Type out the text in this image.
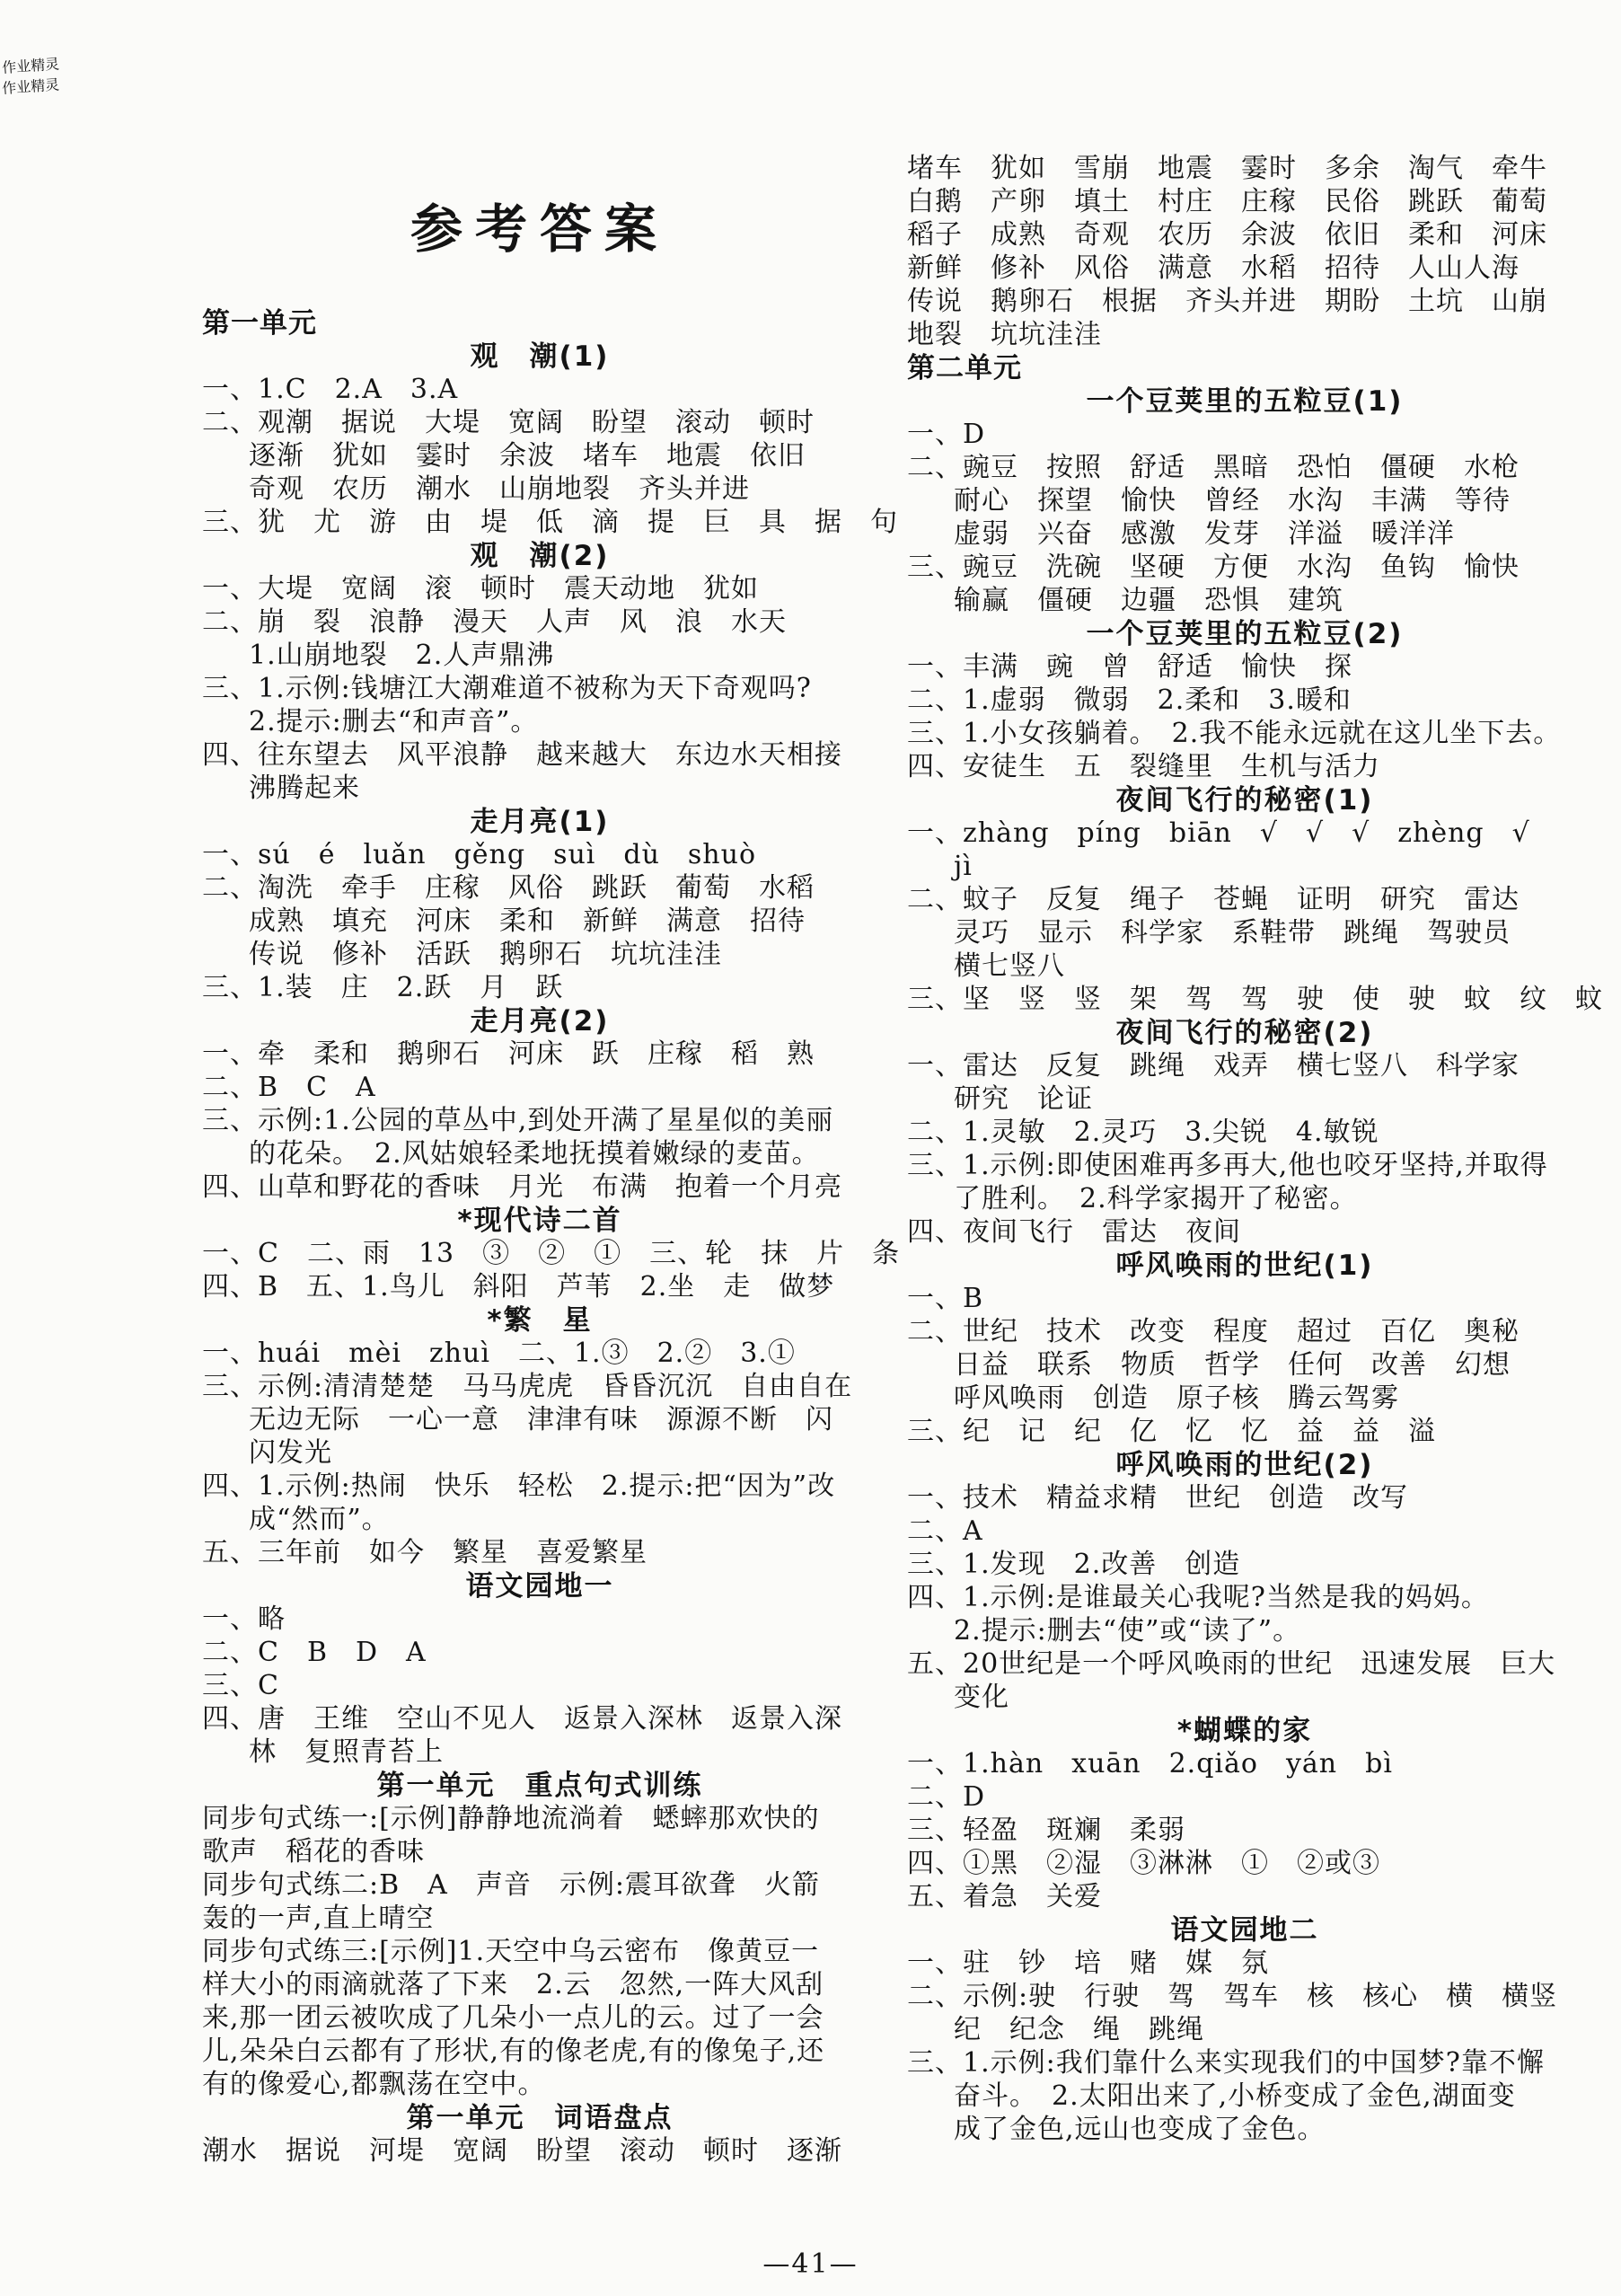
参考答案
第一单元
观　潮(1)
一、1.C　2.A　3.A
二、观潮　据说　大堤　宽阔　盼望　滚动　顿时
逐渐　犹如　霎时　余波　堵车　地震　依旧
奇观　农历　潮水　山崩地裂　齐头并进
三、犹　尤　游　由　堤　低　滴　提　巨　具　据　句
观　潮(2)
一、大堤　宽阔　滚　顿时　震天动地　犹如
二、崩　裂　浪静　漫天　人声　风　浪　水天
1.山崩地裂　2.人声鼎沸
三、1.示例:钱塘江大潮难道不被称为天下奇观吗?
2.提示:删去“和声音”。
四、往东望去　风平浪静　越来越大　东边水天相接
沸腾起来
走月亮(1)
一、sú　é　luǎn　gěng　suì　dù　shuò
二、淘洗　牵手　庄稼　风俗　跳跃　葡萄　水稻
成熟　填充　河床　柔和　新鲜　满意　招待
传说　修补　活跃　鹅卵石　坑坑洼洼
三、1.装　庄　2.跃　月　跃
走月亮(2)
一、牵　柔和　鹅卵石　河床　跃　庄稼　稻　熟
二、B　C　A
三、示例:1.公园的草丛中,到处开满了星星似的美丽
的花朵。　2.风姑娘轻柔地抚摸着嫩绿的麦苗。
四、山草和野花的香味　月光　布满　抱着一个月亮
*现代诗二首
一、C　二、雨　13　③　②　①　三、轮　抹　片　条
四、B　五、1.鸟儿　斜阳　芦苇　2.坐　走　做梦
*繁　星
一、huái　mèi　zhuì　二、1.③　2.②　3.①
三、示例:清清楚楚　马马虎虎　昏昏沉沉　自由自在
无边无际　一心一意　津津有味　源源不断　闪
闪发光
四、1.示例:热闹　快乐　轻松　2.提示:把“因为”改
成“然而”。
五、三年前　如今　繁星　喜爱繁星
语文园地一
一、略
二、C　B　D　A
三、C
四、唐　王维　空山不见人　返景入深林　返景入深
林　复照青苔上
第一单元　重点句式训练
同步句式练一:[示例]静静地流淌着　蟋蟀那欢快的
歌声　稻花的香味
同步句式练二:B　A　声音　示例:震耳欲聋　火箭
轰的一声,直上晴空
同步句式练三:[示例]1.天空中乌云密布　像黄豆一
样大小的雨滴就落了下来　2.云　忽然,一阵大风刮
来,那一团云被吹成了几朵小一点儿的云。过了一会
儿,朵朵白云都有了形状,有的像老虎,有的像兔子,还
有的像爱心,都飘荡在空中。
第一单元　词语盘点
潮水　据说　河堤　宽阔　盼望　滚动　顿时　逐渐
堵车　犹如　雪崩　地震　霎时　多余　淘气　牵牛
白鹅　产卵　填土　村庄　庄稼　民俗　跳跃　葡萄
稻子　成熟　奇观　农历　余波　依旧　柔和　河床
新鲜　修补　风俗　满意　水稻　招待　人山人海
传说　鹅卵石　根据　齐头并进　期盼　土坑　山崩
地裂　坑坑洼洼
第二单元
一个豆荚里的五粒豆(1)
一、D
二、豌豆　按照　舒适　黑暗　恐怕　僵硬　水枪
耐心　探望　愉快　曾经　水沟　丰满　等待
虚弱　兴奋　感激　发芽　洋溢　暖洋洋
三、豌豆　洗碗　坚硬　方便　水沟　鱼钩　愉快
输赢　僵硬　边疆　恐惧　建筑
一个豆荚里的五粒豆(2)
一、丰满　豌　曾　舒适　愉快　探
二、1.虚弱　微弱　2.柔和　3.暖和
三、1.小女孩躺着。　2.我不能永远就在这儿坐下去。
四、安徒生　五　裂缝里　生机与活力
夜间飞行的秘密(1)
一、zhàng　píng　biān　√　√　√　zhèng　√
jì
二、蚊子　反复　绳子　苍蝇　证明　研究　雷达
灵巧　显示　科学家　系鞋带　跳绳　驾驶员
横七竖八
三、坚　竖　竖　架　驾　驾　驶　使　驶　蚊　纹　蚊
夜间飞行的秘密(2)
一、雷达　反复　跳绳　戏弄　横七竖八　科学家
研究　论证
二、1.灵敏　2.灵巧　3.尖锐　4.敏锐
三、1.示例:即使困难再多再大,他也咬牙坚持,并取得
了胜利。　2.科学家揭开了秘密。
四、夜间飞行　雷达　夜间
呼风唤雨的世纪(1)
一、B
二、世纪　技术　改变　程度　超过　百亿　奥秘
日益　联系　物质　哲学　任何　改善　幻想
呼风唤雨　创造　原子核　腾云驾雾
三、纪　记　纪　亿　忆　忆　益　益　溢
呼风唤雨的世纪(2)
一、技术　精益求精　世纪　创造　改写
二、A
三、1.发现　2.改善　创造
四、1.示例:是谁最关心我呢?当然是我的妈妈。
2.提示:删去“使”或“读了”。
五、20世纪是一个呼风唤雨的世纪　迅速发展　巨大
变化
*蝴蝶的家
一、1.hàn　xuān　2.qiǎo　yán　bì
二、D
三、轻盈　斑斓　柔弱
四、①黑　②湿　③淋淋　①　②或③
五、着急　关爱
语文园地二
一、驻　钞　培　赌　媒　氛
二、示例:驶　行驶　驾　驾车　核　核心　横　横竖
纪　纪念　绳　跳绳
三、1.示例:我们靠什么来实现我们的中国梦?靠不懈
奋斗。　2.太阳出来了,小桥变成了金色,湖面变
成了金色,远山也变成了金色。
—41—
作业精灵
作业精灵
